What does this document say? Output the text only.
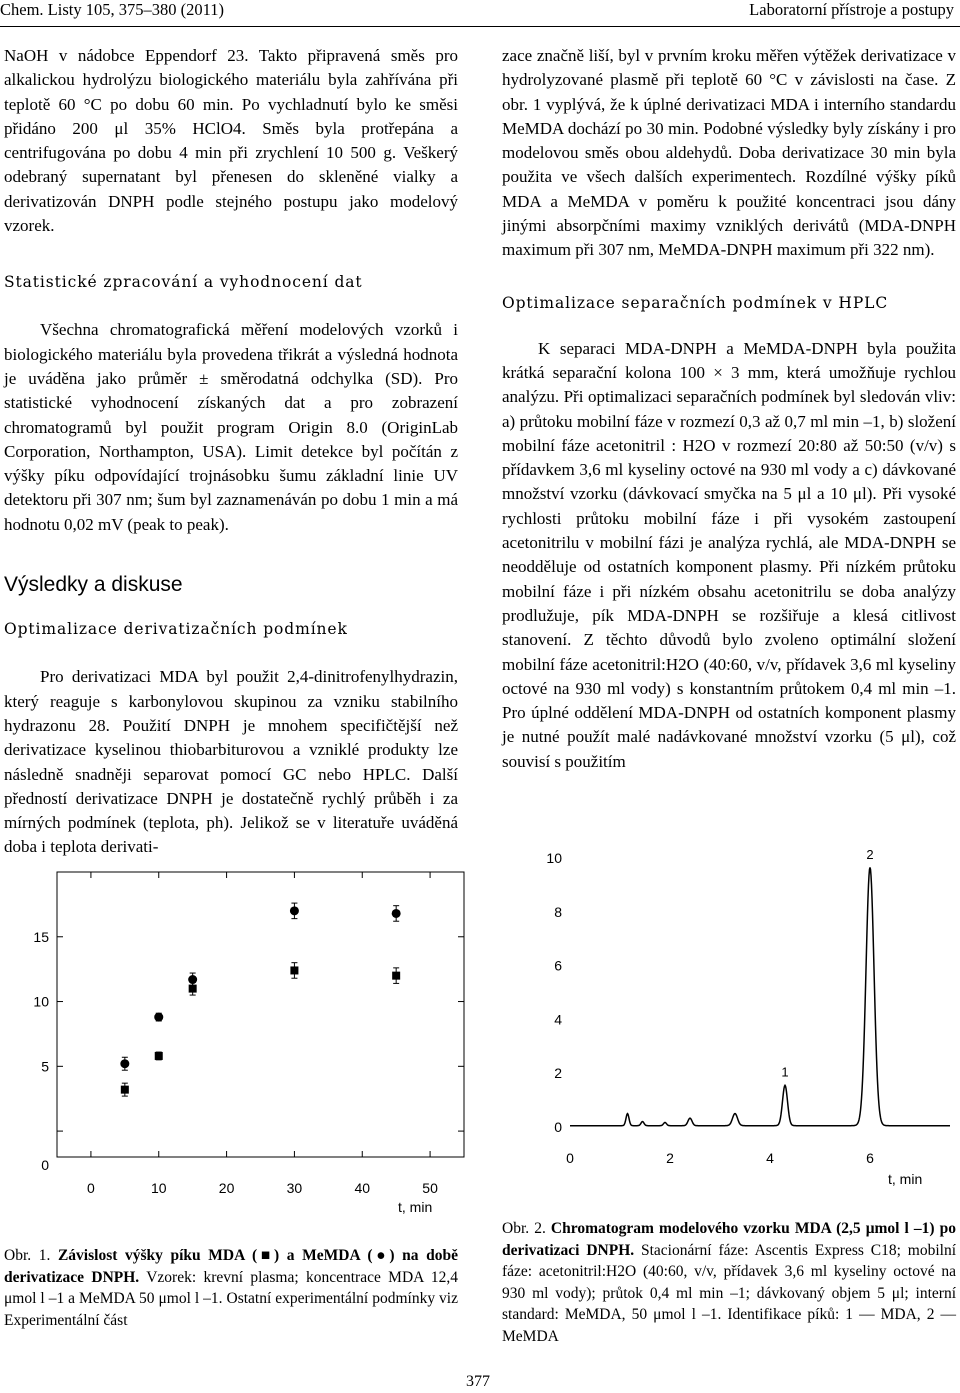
Chem. Listy 105, 375–380 (2011)	Laboratorní přístroje a postupy

NaOH v nádobce Eppendorf 23. Takto připravená směs pro alkalickou hydrolýzu biologického materiálu byla zahřívána při teplotě 60 °C po dobu 60 min. Po vychladnutí bylo ke směsi přidáno 200 μl 35% HClO4. Směs byla protřepána a centrifugována po dobu 4 min při zrychlení 10 500 g. Veškerý odebraný supernatant byl přenesen do skleněné vialky a derivatizován DNPH podle stejného postupu jako modelový vzorek.

Statistické zpracování a vyhodnocení dat

Všechna chromatografická měření modelových vzorků i biologického materiálu byla provedena třikrát a výsledná hodnota je uváděna jako průměr ± směrodatná odchylka (SD). Pro statistické vyhodnocení získaných dat a pro zobrazení chromatogramů byl použit program Origin 8.0 (OriginLab Corporation, Northampton, USA). Limit detekce byl počítán z výšky píku odpovídající trojnásobku šumu základní linie UV detektoru při 307 nm; šum byl zaznamenáván po dobu 1 min a má hodnotu 0,02 mV (peak to peak).

Výsledky a diskuse

Optimalizace derivatizačních podmínek

Pro derivatizaci MDA byl použit 2,4-dinitrofenylhydrazin, který reaguje s karbonylovou skupinou za vzniku stabilního hydrazonu 28. Použití DNPH je mnohem specifičtější než derivatizace kyselinou thiobarbiturovou a vzniklé produkty lze následně snadněji separovat pomocí GC nebo HPLC. Další předností derivatizace DNPH je dostatečně rychlý průběh i za mírných podmínek (teplota, ph). Jelikož se v literatuře uváděná doba i teplota derivati-

zace značně liší, byl v prvním kroku měřen výtěžek derivatizace v hydrolyzované plasmě při teplotě 60 °C v závislosti na čase. Z obr. 1 vyplývá, že k úplné derivatizaci MDA i interního standardu MeMDA dochází po 30 min. Podobné výsledky byly získány i pro modelovou směs obou aldehydů. Doba derivatizace 30 min byla použita ve všech dalších experimentech. Rozdílné výšky píků MDA a MeMDA v poměru k použité koncentraci jsou dány jinými absorpčními maximy vzniklých derivátů (MDA-DNPH maximum při 307 nm, MeMDA-DNPH maximum při 322 nm).

Optimalizace separačních podmínek v HPLC

K separaci MDA-DNPH a MeMDA-DNPH byla použita krátká separační kolona 100 × 3 mm, která umožňuje rychlou analýzu. Při optimalizaci separačních podmínek byl sledován vliv: a) průtoku mobilní fáze v rozmezí 0,3 až 0,7 ml min –1, b) složení mobilní fáze acetonitril : H2O v rozmezí 20:80 až 50:50 (v/v) s přídavkem 3,6 ml kyseliny octové na 930 ml vody a c) dávkované množství vzorku (dávkovací smyčka na 5 μl a 10 μl). Při vysoké rychlosti průtoku mobilní fáze i při vysokém zastoupení acetonitrilu v mobilní fázi je analýza rychlá, ale MDA-DNPH se neodděluje od ostatních komponent plasmy. Při nízkém průtoku mobilní fáze i při nízkém obsahu acetonitrilu se doba analýzy prodlužuje, pík MDA-DNPH se rozšiřuje a klesá citlivost stanovení. Z těchto důvodů bylo zvoleno optimální složení mobilní fáze acetonitril:H2O (40:60, v/v, přídavek 3,6 ml kyseliny octové na 930 ml vody) s konstantním průtokem 0,4 ml min –1. Pro úplné oddělení MDA-DNPH od ostatních komponent plasmy je nutné použít malé nadávkované množství vzorku (5 μl), což souvisí s použitím

0
5
10
15
0	10	20	30	40	50
t, min
Obr. 1. Závislost výšky píku MDA (■) a MeMDA (●) na době derivatizace DNPH. Vzorek: krevní plasma; koncentrace MDA 12,4 μmol l –1 a MeMDA 50 μmol l –1. Ostatní experimentální podmínky viz Experimentální část
0
2
4
6
8
10
0	2	4	6
1
2
t, min
Obr. 2. Chromatogram modelového vzorku MDA (2,5 μmol l –1) po derivatizaci DNPH. Stacionární fáze: Ascentis Express C18; mobilní fáze: acetonitril:H2O (40:60, v/v, přídavek 3,6 ml kyseliny octové na 930 ml vody); průtok 0,4 ml min –1; dávkovaný objem 5 μl; interní standard: MeMDA, 50 μmol l –1. Identifikace píků: 1 — MDA, 2 — MeMDA
377
